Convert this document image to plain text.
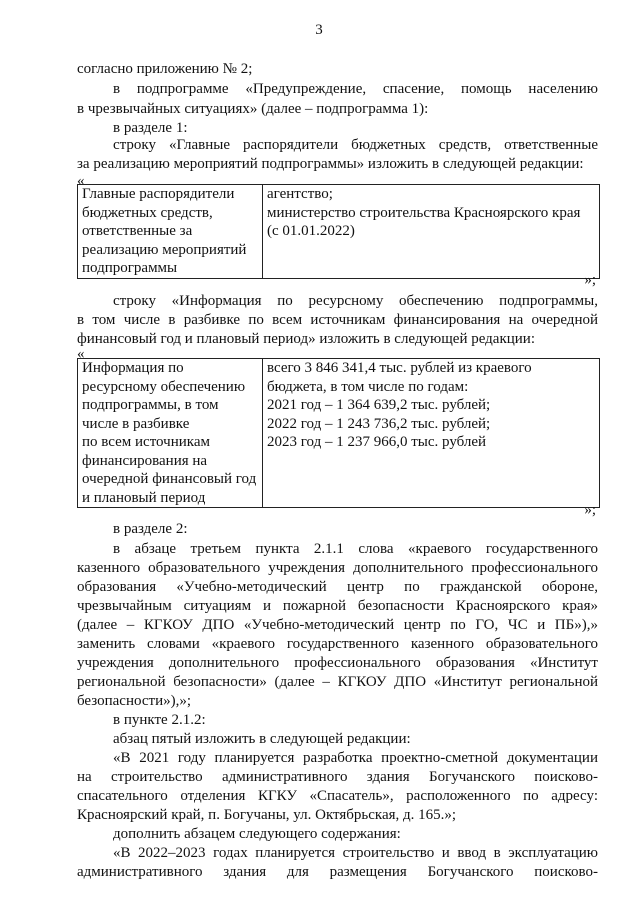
3
согласно приложению № 2;
в подпрограмме «Предупреждение, спасение, помощь населению
в чрезвычайных ситуациях» (далее – подпрограмма 1):
в разделе 1:
строку «Главные распорядители бюджетных средств, ответственные
за реализацию мероприятий подпрограммы» изложить в следующей редакции:
«
Главные распорядители
бюджетных средств,
ответственные за
реализацию мероприятий
подпрограммы

агентство;
министерство строительства Красноярского края
(с 01.01.2022)
»;
строку «Информация по ресурсному обеспечению подпрограммы,
в том числе в разбивке по всем источникам финансирования на очередной
финансовый год и плановый период» изложить в следующей редакции:
«
Информация по
ресурсному обеспечению
подпрограммы, в том
числе в разбивке
по всем источникам
финансирования на
очередной финансовый год
и плановый период

всего 3 846 341,4 тыс. рублей из краевого
бюджета, в том числе по годам:
2021 год – 1 364 639,2 тыс. рублей;
2022 год – 1 243 736,2 тыс. рублей;
2023 год – 1 237 966,0 тыс. рублей
»;
в разделе 2:
в абзаце третьем пункта 2.1.1 слова «краевого государственного
казенного образовательного учреждения дополнительного профессионального
образования «Учебно-методический центр по гражданской обороне,
чрезвычайным ситуациям и пожарной безопасности Красноярского края»
(далее – КГКОУ ДПО «Учебно-методический центр по ГО, ЧС и ПБ»),»
заменить словами «краевого государственного казенного образовательного
учреждения дополнительного профессионального образования «Институт
региональной безопасности» (далее – КГКОУ ДПО «Институт региональной
безопасности»),»;
в пункте 2.1.2:
абзац пятый изложить в следующей редакции:
«В 2021 году планируется разработка проектно-сметной документации
на строительство административного здания Богучанского поисково-
спасательного отделения КГКУ «Спасатель», расположенного по адресу:
Красноярский край, п. Богучаны, ул. Октябрьская, д. 165.»;
дополнить абзацем следующего содержания:
«В 2022–2023 годах планируется строительство и ввод в эксплуатацию
административного здания для размещения Богучанского поисково-
